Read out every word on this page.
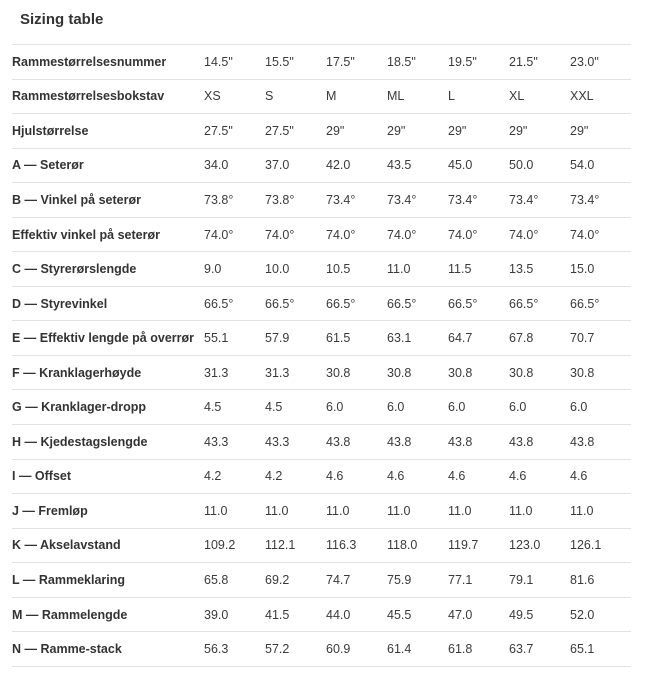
Sizing table
Rammestørrelsesnummer	14.5"	15.5"	17.5"	18.5"	19.5"	21.5"	23.0"
Rammestørrelsesbokstav	XS	S	M	ML	L	XL	XXL
Hjulstørrelse	27.5"	27.5"	29"	29"	29"	29"	29"
A — Seterør	34.0	37.0	42.0	43.5	45.0	50.0	54.0
B — Vinkel på seterør	73.8°	73.8°	73.4°	73.4°	73.4°	73.4°	73.4°
Effektiv vinkel på seterør	74.0°	74.0°	74.0°	74.0°	74.0°	74.0°	74.0°
C — Styrerørslengde	9.0	10.0	10.5	11.0	11.5	13.5	15.0
D — Styrevinkel	66.5°	66.5°	66.5°	66.5°	66.5°	66.5°	66.5°
E — Effektiv lengde på overrør	55.1	57.9	61.5	63.1	64.7	67.8	70.7
F — Kranklagerhøyde	31.3	31.3	30.8	30.8	30.8	30.8	30.8
G — Kranklager-dropp	4.5	4.5	6.0	6.0	6.0	6.0	6.0
H — Kjedestagslengde	43.3	43.3	43.8	43.8	43.8	43.8	43.8
I — Offset	4.2	4.2	4.6	4.6	4.6	4.6	4.6
J — Fremløp	11.0	11.0	11.0	11.0	11.0	11.0	11.0
K — Akselavstand	109.2	112.1	116.3	118.0	119.7	123.0	126.1
L — Rammeklaring	65.8	69.2	74.7	75.9	77.1	79.1	81.6
M — Rammelengde	39.0	41.5	44.0	45.5	47.0	49.5	52.0
N — Ramme-stack	56.3	57.2	60.9	61.4	61.8	63.7	65.1
